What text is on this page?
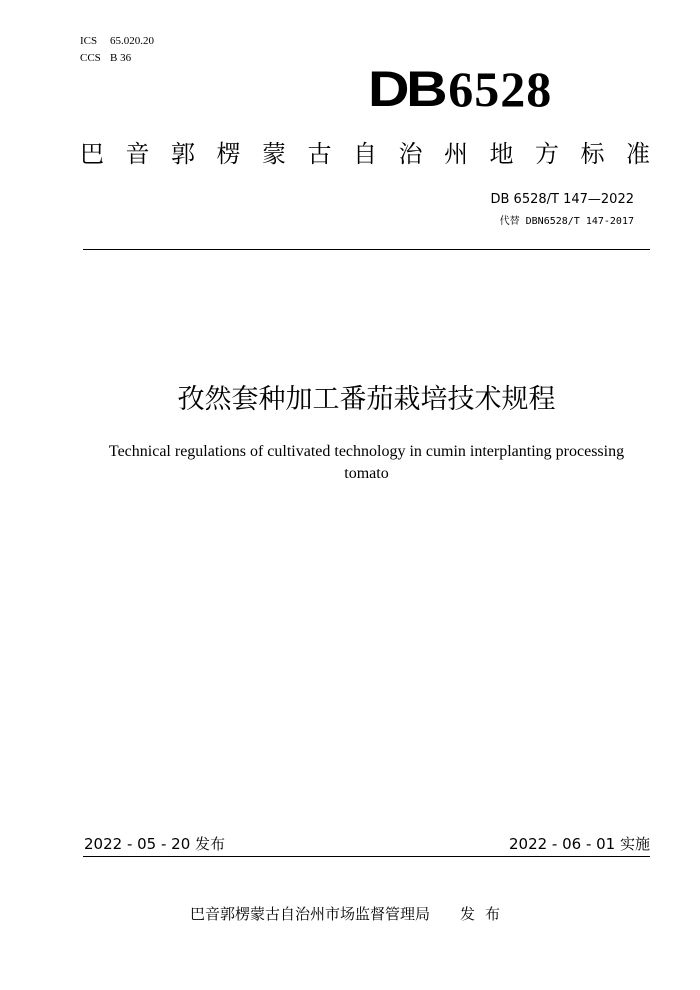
ICS 65.020.20
CCS B 36
DB6528
巴 音 郭 楞 蒙 古 自 治 州 地 方 标 准
DB 6528/T 147—2022
代替 DBN6528/T 147-2017
孜然套种加工番茄栽培技术规程
Technical regulations of cultivated technology in cumin interplanting processing tomato
2022 - 05 - 20 发布	2022 - 06 - 01 实施
巴音郭楞蒙古自治州市场监督管理局 发布
